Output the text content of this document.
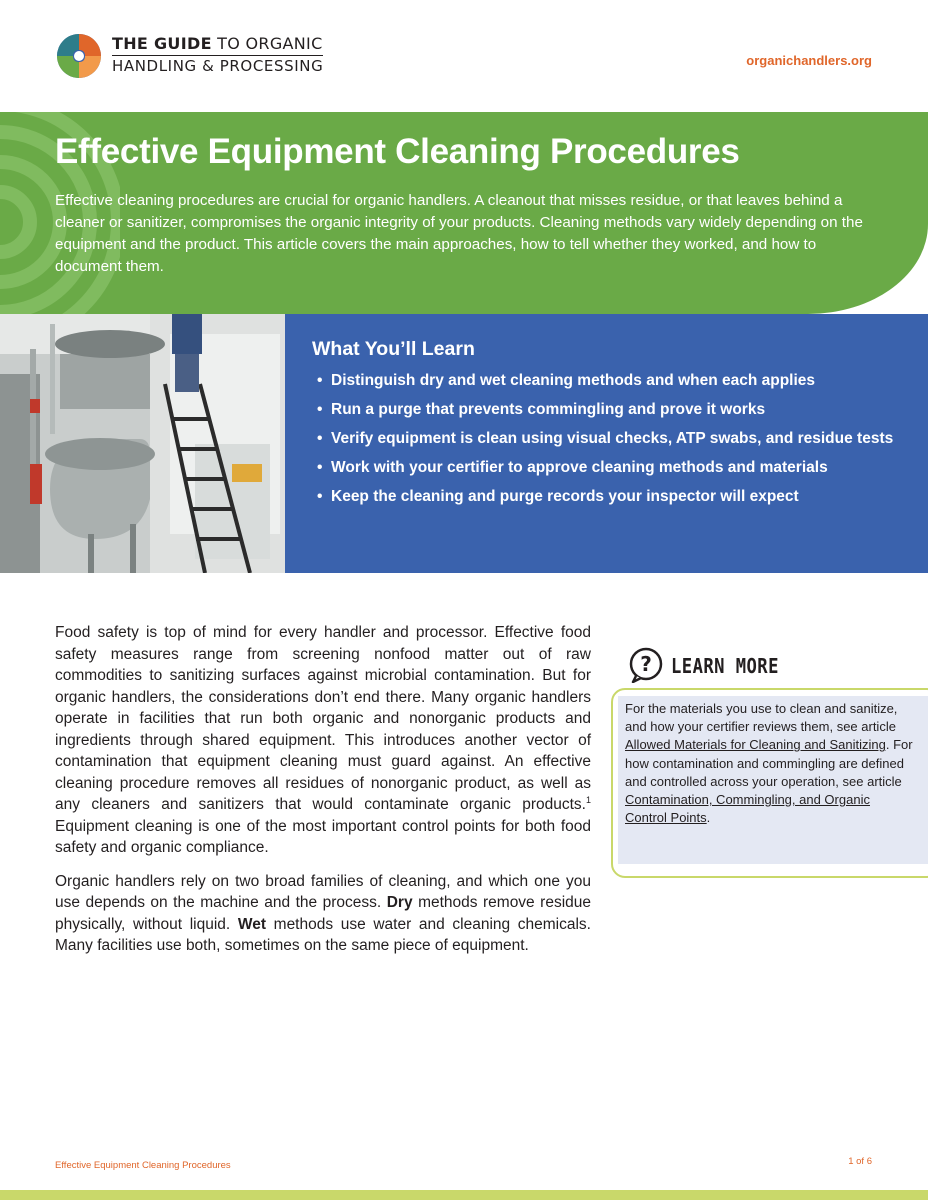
THE GUIDE TO ORGANIC
HANDLING & PROCESSING	organichandlers.org
Effective Equipment Cleaning Procedures

Effective cleaning procedures are crucial for organic handlers. A cleanout that misses residue, or that leaves behind a cleaner or sanitizer, compromises the organic integrity of your products. Cleaning methods vary widely depending on the equipment and the product. This article covers the main approaches, how to tell whether they worked, and how to document them.

What You’ll Learn
• Distinguish dry and wet cleaning methods and when each applies
• Run a purge that prevents commingling and prove it works
• Verify equipment is clean using visual checks, ATP swabs, and residue tests
• Work with your certifier to approve cleaning methods and materials
• Keep the cleaning and purge records your inspector will expect

Food safety is top of mind for every handler and processor. Effective food safety measures range from screening nonfood matter out of raw commodities to sanitizing surfaces against microbial contamination. But for organic handlers, the considerations don’t end there. Many organic handlers operate in facilities that run both organic and nonorganic products and ingredients through shared equipment. This introduces another vector of contamination that equipment cleaning must guard against. An effective cleaning procedure removes all residues of nonorganic product, as well as any cleaners and sanitizers that would contaminate organic products.$^1$ Equipment cleaning is one of the most important control points for both food safety and organic compliance.

Organic handlers rely on two broad families of cleaning, and which one you use depends on the machine and the process. Dry methods remove residue physically, without liquid. Wet methods use water and cleaning chemicals. Many facilities use both, sometimes on the same piece of equipment.

? LEARN MORE
For the materials you use to clean and sanitize, and how your certifier reviews them, see article Allowed Materials for Cleaning and Sanitizing. For how contamination and commingling are defined and controlled across your operation, see article Contamination, Commingling, and Organic Control Points.
Effective Equipment Cleaning Procedures	1 of 6
